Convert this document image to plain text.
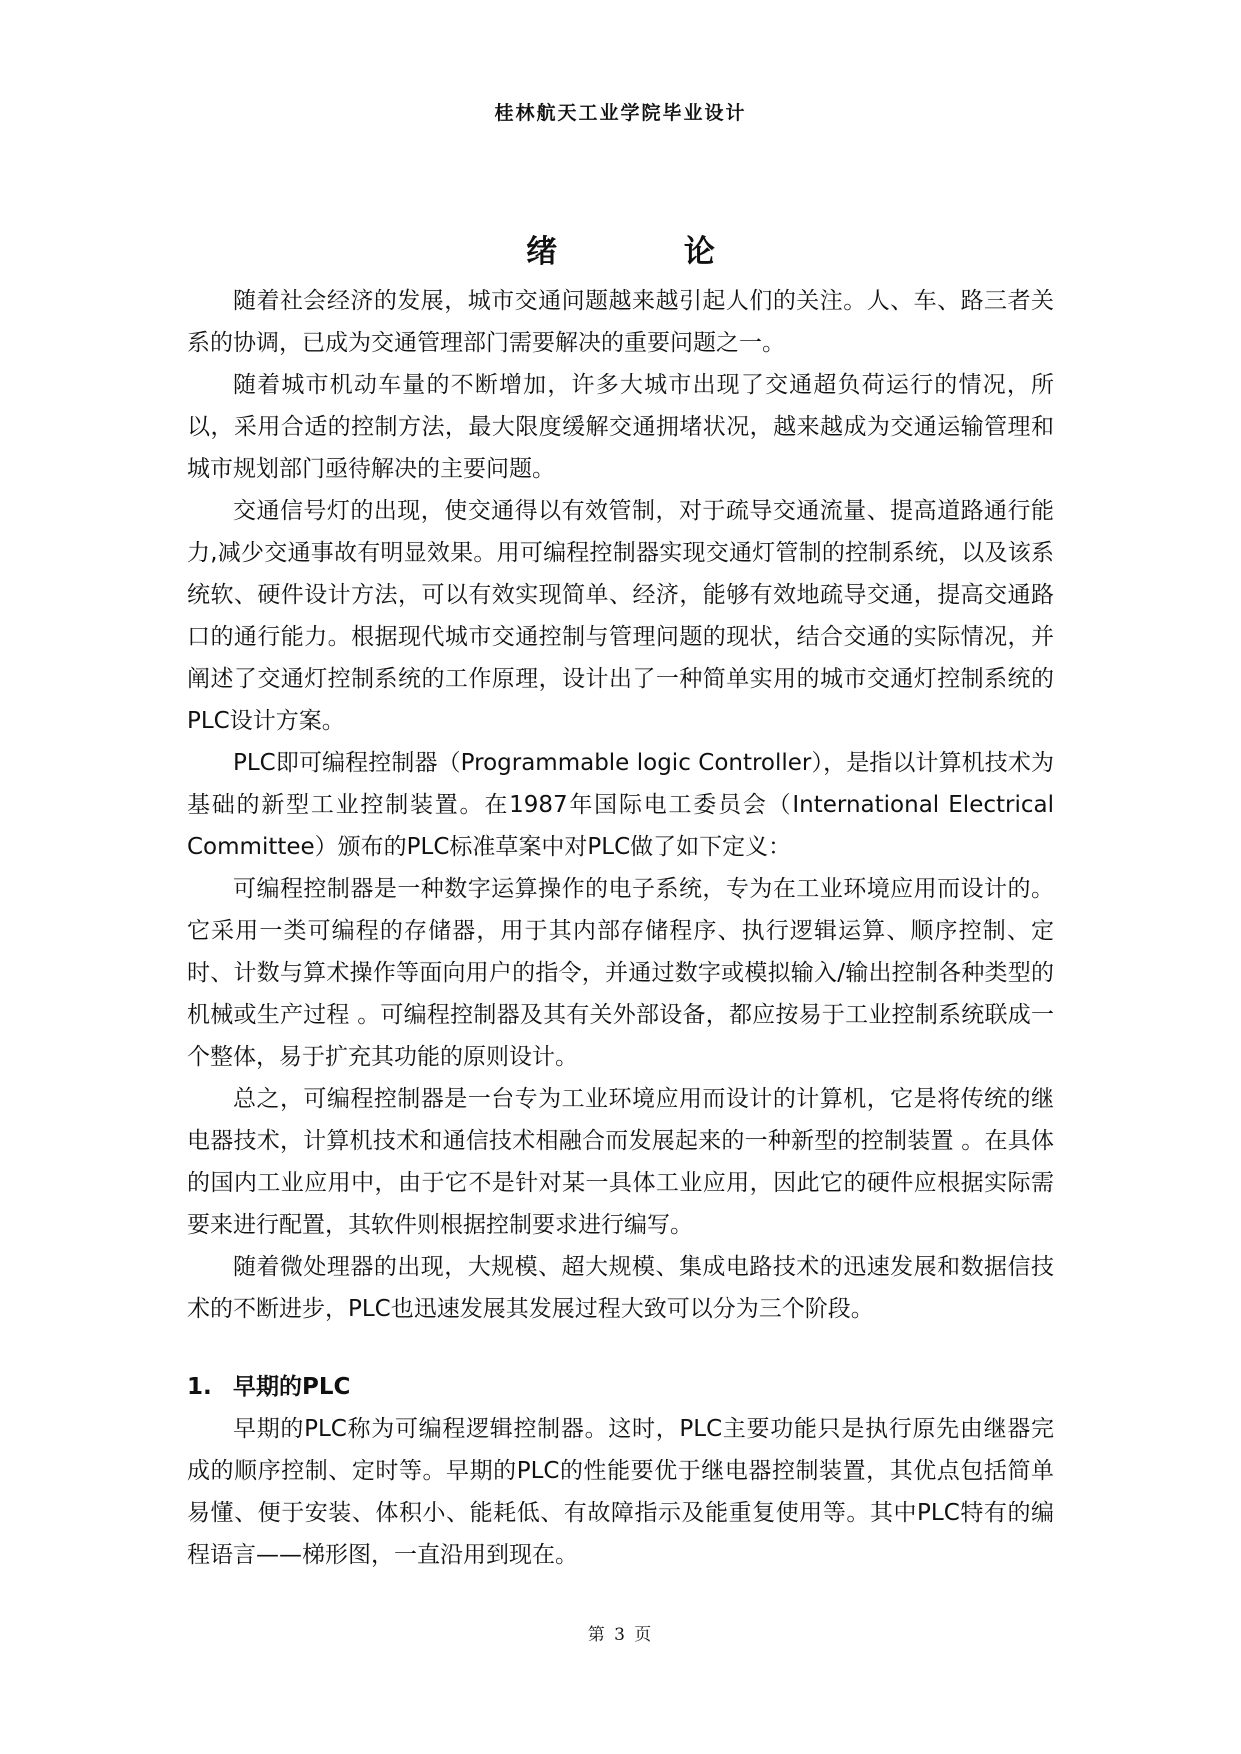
桂林航天工业学院毕业设计
绪 论

随着社会经济的发展，城市交通问题越来越引起人们的关注。人、车、路三者关系的协调，已成为交通管理部门需要解决的重要问题之一。

随着城市机动车量的不断增加，许多大城市出现了交通超负荷运行的情况，所以，采用合适的控制方法，最大限度缓解交通拥堵状况，越来越成为交通运输管理和城市规划部门亟待解决的主要问题。

交通信号灯的出现，使交通得以有效管制，对于疏导交通流量、提高道路通行能力,减少交通事故有明显效果。用可编程控制器实现交通灯管制的控制系统，以及该系统软、硬件设计方法，可以有效实现简单、经济，能够有效地疏导交通，提高交通路口的通行能力。根据现代城市交通控制与管理问题的现状，结合交通的实际情况，并阐述了交通灯控制系统的工作原理，设计出了一种简单实用的城市交通灯控制系统的PLC设计方案。

PLC即可编程控制器（Programmable logic Controller），是指以计算机技术为基础的新型工业控制装置。在1987年国际电工委员会（International Electrical Committee）颁布的PLC标准草案中对PLC做了如下定义：

可编程控制器是一种数字运算操作的电子系统，专为在工业环境应用而设计的。它采用一类可编程的存储器，用于其内部存储程序、执行逻辑运算、顺序控制、定时、计数与算术操作等面向用户的指令，并通过数字或模拟输入/输出控制各种类型的机械或生产过程 。可编程控制器及其有关外部设备，都应按易于工业控制系统联成一个整体，易于扩充其功能的原则设计。

总之，可编程控制器是一台专为工业环境应用而设计的计算机，它是将传统的继电器技术，计算机技术和通信技术相融合而发展起来的一种新型的控制装置 。在具体的国内工业应用中，由于它不是针对某一具体工业应用，因此它的硬件应根据实际需要来进行配置，其软件则根据控制要求进行编写。

随着微处理器的出现，大规模、超大规模、集成电路技术的迅速发展和数据信技术的不断进步，PLC也迅速发展其发展过程大致可以分为三个阶段。

1. 早期的PLC

早期的PLC称为可编程逻辑控制器。这时，PLC主要功能只是执行原先由继器完成的顺序控制、定时等。早期的PLC的性能要优于继电器控制装置，其优点包括简单易懂、便于安装、体积小、能耗低、有故障指示及能重复使用等。其中PLC特有的编程语言——梯形图，一直沿用到现在。

第 3 页
